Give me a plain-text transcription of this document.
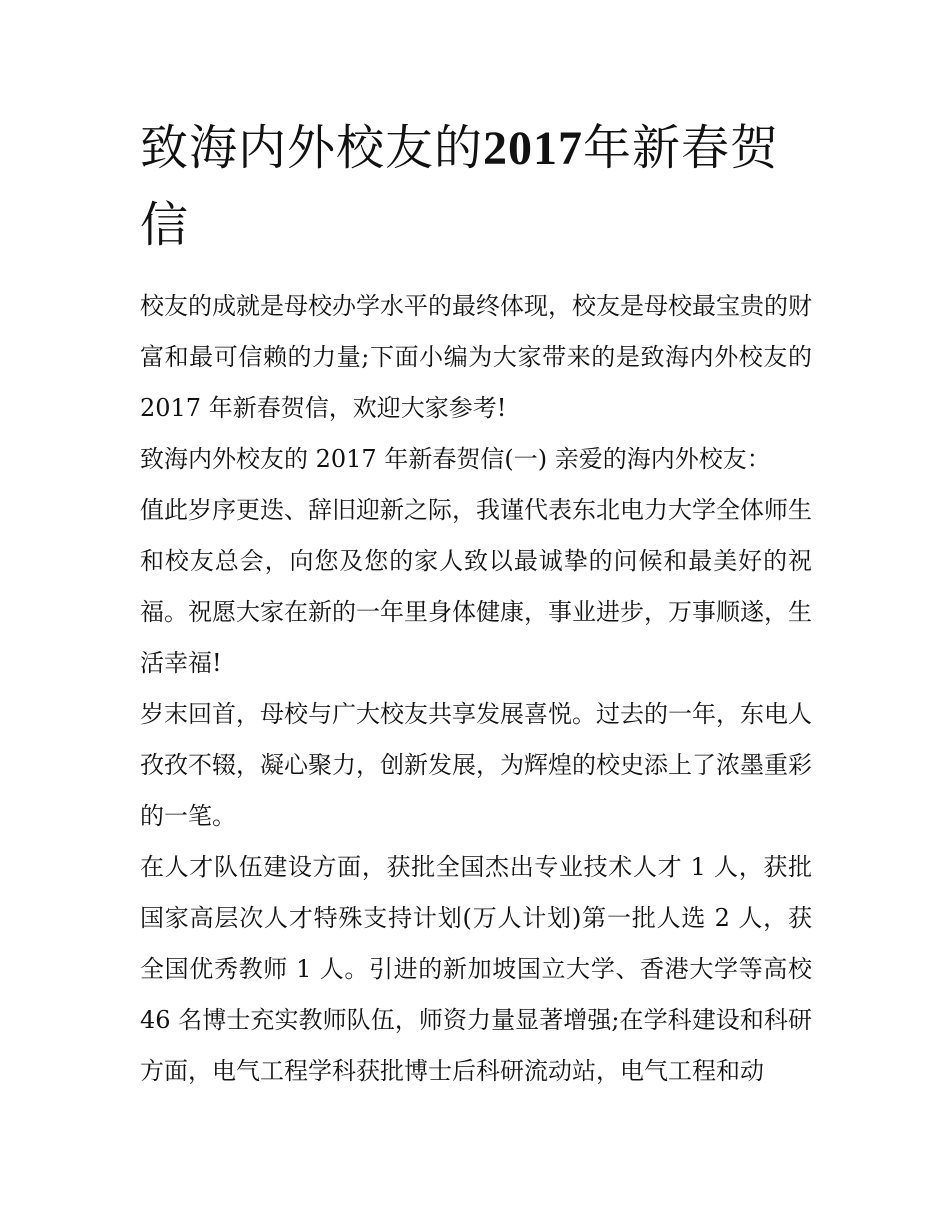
致海内外校友的2017年新春贺信

校友的成就是母校办学水平的最终体现，校友是母校最宝贵的财富和最可信赖的力量;下面小编为大家带来的是致海内外校友的 2017 年新春贺信，欢迎大家参考!

致海内外校友的 2017 年新春贺信(一) 亲爱的海内外校友：

值此岁序更迭、辞旧迎新之际，我谨代表东北电力大学全体师生和校友总会，向您及您的家人致以最诚挚的问候和最美好的祝福。祝愿大家在新的一年里身体健康，事业进步，万事顺遂，生活幸福!

岁末回首，母校与广大校友共享发展喜悦。过去的一年，东电人孜孜不辍，凝心聚力，创新发展，为辉煌的校史添上了浓墨重彩的一笔。

在人才队伍建设方面，获批全国杰出专业技术人才 1 人，获批国家高层次人才特殊支持计划(万人计划)第一批人选 2 人，获全国优秀教师 1 人。引进的新加坡国立大学、香港大学等高校 46 名博士充实教师队伍，师资力量显著增强;在学科建设和科研方面，电气工程学科获批博士后科研流动站，电气工程和动
